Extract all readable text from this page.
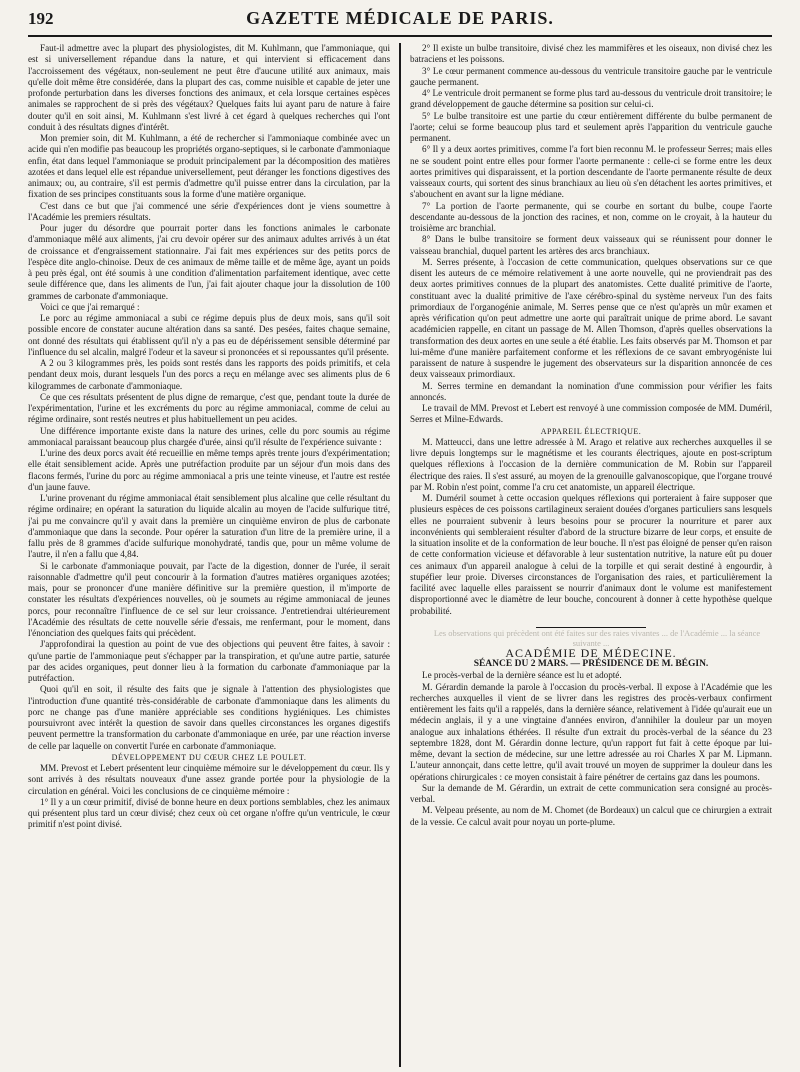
192	GAZETTE MÉDICALE DE PARIS.

Faut-il admettre avec la plupart des physiologistes, dit M. Kuhlmann, que l'ammoniaque, qui est si universellement répandue dans la nature, et qui intervient si efficacement dans l'accroissement des végétaux, non-seulement ne peut être d'aucune utilité aux animaux, mais qu'elle doit même être considérée, dans la plupart des cas, comme nuisible et capable de jeter une profonde perturbation dans les diverses fonctions des animaux, et cela lorsque certaines espèces animales se rapprochent de si près des végétaux? Quelques faits lui ayant paru de nature à faire douter qu'il en soit ainsi, M. Kuhlmann s'est livré à cet égard à quelques recherches qui l'ont conduit à des résultats dignes d'intérêt.

Mon premier soin, dit M. Kuhlmann, a été de rechercher si l'ammoniaque combinée avec un acide qui n'en modifie pas beaucoup les propriétés organo-septiques, si le carbonate d'ammoniaque enfin, état dans lequel l'ammoniaque se produit principalement par la décomposition des matières azotées et dans lequel elle est répandue universellement, peut déranger les fonctions digestives des animaux; ou, au contraire, s'il est permis d'admettre qu'il puisse entrer dans la circulation, par la fixation de ses principes constituants sous la forme d'une matière organique.

C'est dans ce but que j'ai commencé une série d'expériences dont je viens soumettre à l'Académie les premiers résultats.

Pour juger du désordre que pourrait porter dans les fonctions animales le carbonate d'ammoniaque mêlé aux aliments, j'ai cru devoir opérer sur des animaux adultes arrivés à un état de croissance et d'engraissement stationnaire. J'ai fait mes expériences sur des petits porcs de l'espèce dite anglo-chinoise. Deux de ces animaux de même taille et de même âge, ayant un poids à peu près égal, ont été soumis à une condition d'alimentation parfaitement identique, avec cette seule différence que, dans les aliments de l'un, j'ai fait ajouter chaque jour la dissolution de 100 grammes de carbonate d'ammoniaque.

Voici ce que j'ai remarqué :

Le porc au régime ammoniacal a subi ce régime depuis plus de deux mois, sans qu'il soit possible encore de constater aucune altération dans sa santé. Des pesées, faites chaque semaine, ont donné des résultats qui établissent qu'il n'y a pas eu de dépérissement sensible déterminé par l'influence du sel alcalin, malgré l'odeur et la saveur si prononcées et si repoussantes qu'il présente.

A 2 ou 3 kilogrammes près, les poids sont restés dans les rapports des poids primitifs, et cela pendant deux mois, durant lesquels l'un des porcs a reçu en mélange avec ses aliments plus de 6 kilogrammes de carbonate d'ammoniaque.

Ce que ces résultats présentent de plus digne de remarque, c'est que, pendant toute la durée de l'expérimentation, l'urine et les excréments du porc au régime ammoniacal, comme de celui au régime ordinaire, sont restés neutres et plus habituellement un peu acides.

Une différence importante existe dans la nature des urines, celle du porc soumis au régime ammoniacal paraissant beaucoup plus chargée d'urée, ainsi qu'il résulte de l'expérience suivante :

L'urine des deux porcs avait été recueillie en même temps après trente jours d'expérimentation; elle était sensiblement acide. Après une putréfaction produite par un séjour d'un mois dans des flacons fermés, l'urine du porc au régime ammoniacal a pris une teinte vineuse, et l'autre est restée d'un jaune fauve.

L'urine provenant du régime ammoniacal était sensiblement plus alcaline que celle résultant du régime ordinaire; en opérant la saturation du liquide alcalin au moyen de l'acide sulfurique titré, j'ai pu me convaincre qu'il y avait dans la première un cinquième environ de plus de carbonate d'ammoniaque que dans la seconde. Pour opérer la saturation d'un litre de la première urine, il a fallu près de 8 grammes d'acide sulfurique monohydraté, tandis que, pour un même volume de l'autre, il n'en a fallu que 4,84.

Si le carbonate d'ammoniaque pouvait, par l'acte de la digestion, donner de l'urée, il serait raisonnable d'admettre qu'il peut concourir à la formation d'autres matières organiques azotées; mais, pour se prononcer d'une manière définitive sur la première question, il m'importe de constater les résultats d'expériences nouvelles, où je soumets au régime ammoniacal de jeunes porcs, pour reconnaître l'influence de ce sel sur leur croissance. J'entretiendrai ultérieurement l'Académie des résultats de cette nouvelle série d'essais, me renfermant, pour le moment, dans l'énonciation des quelques faits qui précèdent.

J'approfondirai la question au point de vue des objections qui peuvent être faites, à savoir : qu'une partie de l'ammoniaque peut s'échapper par la transpiration, et qu'une autre partie, saturée par des acides organiques, peut donner lieu à la formation du carbonate d'ammoniaque par la putréfaction.

Quoi qu'il en soit, il résulte des faits que je signale à l'attention des physiologistes que l'introduction d'une quantité très-considérable de carbonate d'ammoniaque dans les aliments du porc ne change pas d'une manière appréciable ses conditions hygiéniques. Les chimistes poursuivront avec intérêt la question de savoir dans quelles circonstances les organes digestifs peuvent permettre la transformation du carbonate d'ammoniaque en urée, par une réaction inverse de celle par laquelle on convertit l'urée en carbonate d'ammoniaque.

DÉVELOPPEMENT DU CŒUR CHEZ LE POULET.

MM. Prevost et Lebert présentent leur cinquième mémoire sur le développement du cœur. Ils y sont arrivés à des résultats nouveaux d'une assez grande portée pour la physiologie de la circulation en général. Voici les conclusions de ce cinquième mémoire :

1° Il y a un cœur primitif, divisé de bonne heure en deux portions semblables, chez les animaux qui présentent plus tard un cœur divisé; chez ceux où cet organe n'offre qu'un ventricule, le cœur primitif n'est point divisé.

2° Il existe un bulbe transitoire, divisé chez les mammifères et les oiseaux, non divisé chez les batraciens et les poissons.

3° Le cœur permanent commence au-dessous du ventricule transitoire gauche par le ventricule gauche permanent.

4° Le ventricule droit permanent se forme plus tard au-dessous du ventricule droit transitoire; le grand développement de gauche détermine sa position sur celui-ci.

5° Le bulbe transitoire est une partie du cœur entièrement différente du bulbe permanent de l'aorte; celui se forme beaucoup plus tard et seulement après l'apparition du ventricule gauche permanent.

6° Il y a deux aortes primitives, comme l'a fort bien reconnu M. le professeur Serres; mais elles ne se soudent point entre elles pour former l'aorte permanente : celle-ci se forme entre les deux aortes primitives qui disparaissent, et la portion descendante de l'aorte permanente résulte de deux vaisseaux courts, qui sortent des sinus branchiaux au lieu où s'en détachent les aortes primitives, et s'abouchent en avant sur la ligne médiane.

7° La portion de l'aorte permanente, qui se courbe en sortant du bulbe, coupe l'aorte descendante au-dessous de la jonction des racines, et non, comme on le croyait, à la hauteur du troisième arc branchial.

8° Dans le bulbe transitoire se forment deux vaisseaux qui se réunissent pour donner le vaisseau branchial, duquel partent les artères des arcs branchiaux.

M. Serres présente, à l'occasion de cette communication, quelques observations sur ce que disent les auteurs de ce mémoire relativement à une aorte nouvelle, qui ne proviendrait pas des deux aortes primitives connues de la plupart des anatomistes. Cette dualité primitive de l'aorte, constituant avec la dualité primitive de l'axe cérébro-spinal du système nerveux l'un des faits primordiaux de l'organogénie animale, M. Serres pense que ce n'est qu'après un mûr examen et après vérification qu'on peut admettre une aorte qui paraîtrait unique de prime abord. Le savant académicien rappelle, en citant un passage de M. Allen Thomson, d'après quelles observations la transformation des deux aortes en une seule a été établie. Les faits observés par M. Thomson et par lui-même d'une manière parfaitement conforme et les réflexions de ce savant embryogéniste lui paraissent de nature à suspendre le jugement des observateurs sur la disparition annoncée de ces deux vaisseaux primordiaux.

M. Serres termine en demandant la nomination d'une commission pour vérifier les faits annoncés.

Le travail de MM. Prevost et Lebert est renvoyé à une commission composée de MM. Duméril, Serres et Milne-Edwards.

APPAREIL ÉLECTRIQUE.

M. Matteucci, dans une lettre adressée à M. Arago et relative aux recherches auxquelles il se livre depuis longtemps sur le magnétisme et les courants électriques, ajoute en post-scriptum quelques réflexions à l'occasion de la dernière communication de M. Robin sur l'appareil électrique des raies. Il s'est assuré, au moyen de la grenouille galvanoscopique, que l'organe trouvé par M. Robin n'est point, comme l'a cru cet anatomiste, un appareil électrique.

M. Duméril soumet à cette occasion quelques réflexions qui porteraient à faire supposer que plusieurs espèces de ces poissons cartilagineux seraient douées d'organes particuliers sans lesquels elles ne pourraient subvenir à leurs besoins pour se procurer la nourriture et parer aux inconvénients qui sembleraient résulter d'abord de la structure bizarre de leur corps, et ensuite de la situation insolite et de la conformation de leur bouche. Il n'est pas éloigné de penser qu'en raison de cette conformation vicieuse et défavorable à leur sustentation nutritive, la nature eût pu douer ces animaux d'un appareil analogue à celui de la torpille et qui serait destiné à engourdir, à stupéfier leur proie. Diverses circonstances de l'organisation des raies, et particulièrement la facilité avec laquelle elles paraissent se nourrir d'animaux dont le volume est manifestement disproportionné avec le diamètre de leur bouche, concourent à donner à cette hypothèse quelque probabilité.

Les observations qui précèdent ont été faites sur des raies vivantes ... de l'Académie ... la séance suivante ...

ACADÉMIE DE MÉDECINE.

SÉANCE DU 2 MARS. — PRÉSIDENCE DE M. BÉGIN.

Le procès-verbal de la dernière séance est lu et adopté.

M. Gérardin demande la parole à l'occasion du procès-verbal. Il expose à l'Académie que les recherches auxquelles il vient de se livrer dans les registres des procès-verbaux confirment entièrement les faits qu'il a rappelés, dans la dernière séance, relativement à l'idée qu'aurait eue un médecin anglais, il y a une vingtaine d'années environ, d'annihiler la douleur par un moyen analogue aux inhalations éthérées. Il résulte d'un extrait du procès-verbal de la séance du 23 septembre 1828, dont M. Gérardin donne lecture, qu'un rapport fut fait à cette époque par lui-même, devant la section de médecine, sur une lettre adressée au roi Charles X par M. Lipmann. L'auteur annonçait, dans cette lettre, qu'il avait trouvé un moyen de supprimer la douleur dans les opérations chirurgicales : ce moyen consistait à faire pénétrer de certains gaz dans les poumons.

Sur la demande de M. Gérardin, un extrait de cette communication sera consigné au procès-verbal.

M. Velpeau présente, au nom de M. Chomet (de Bordeaux) un calcul que ce chirurgien a extrait de la vessie. Ce calcul avait pour noyau un porte-plume.
